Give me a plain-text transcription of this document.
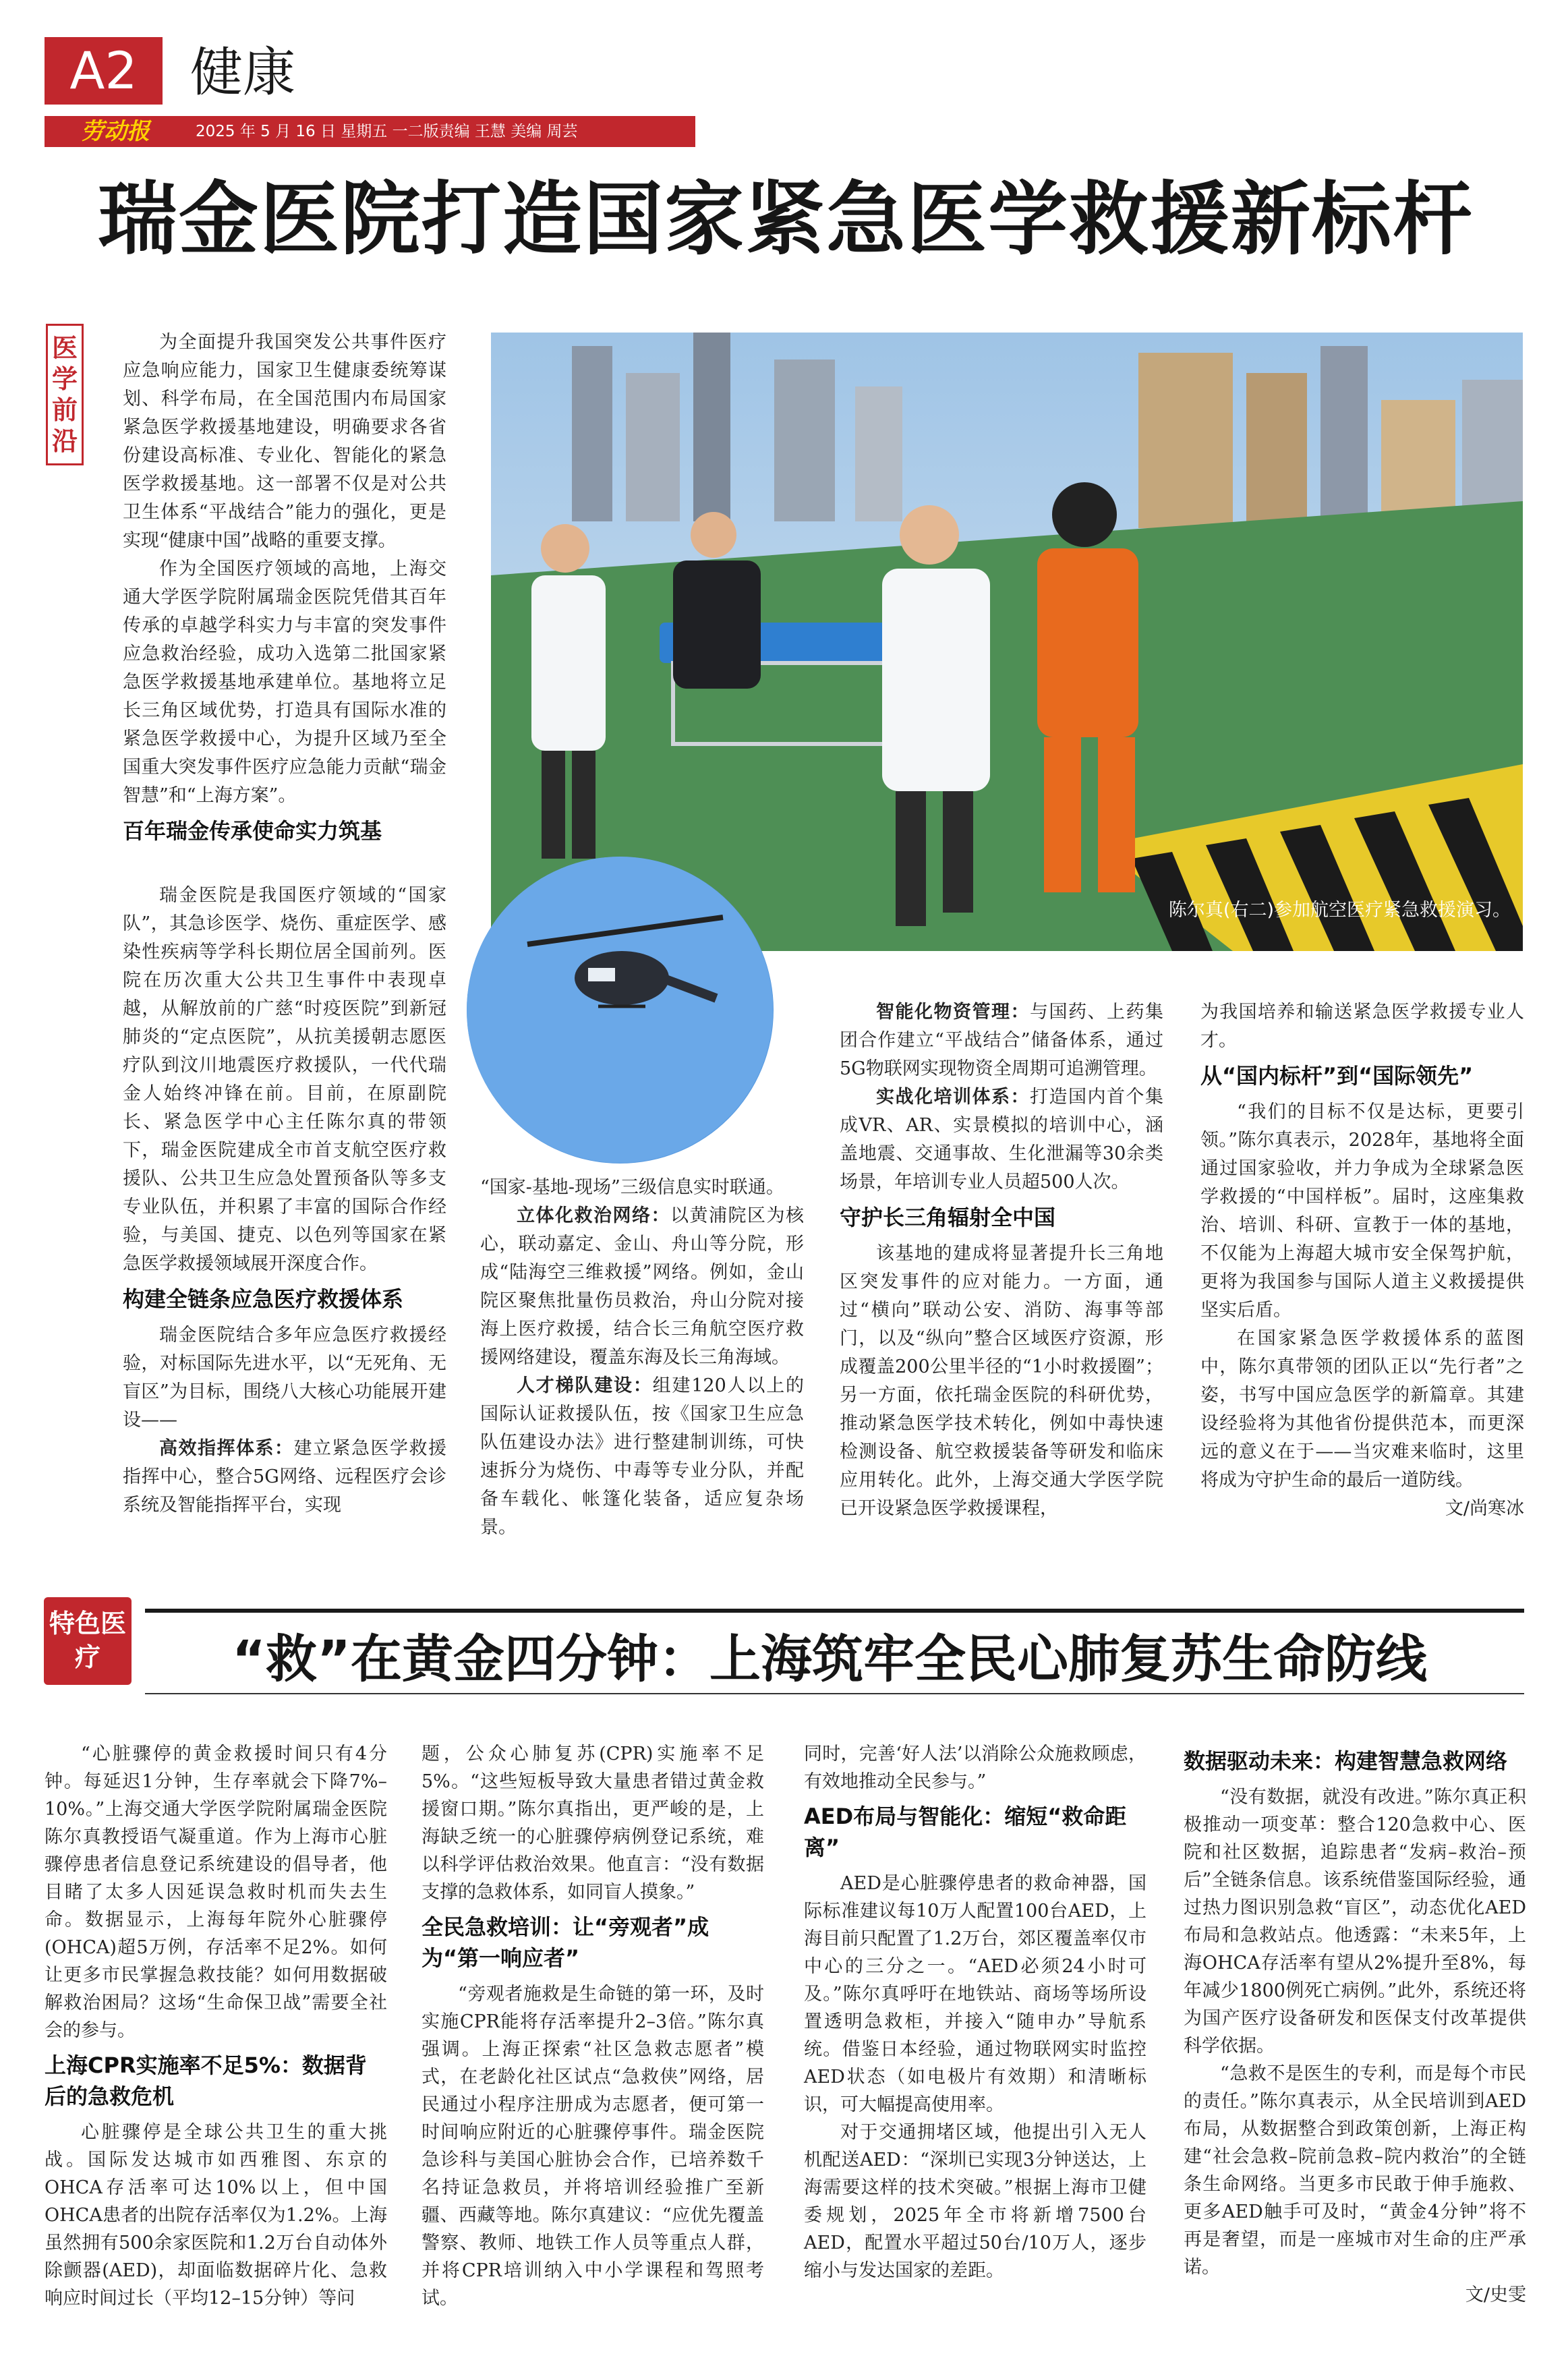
A2	健康
劳动报	2025 年 5 月 16 日 星期五 一二版责编 王慧 美编 周芸
瑞金医院打造国家紧急医学救援新标杆
医学前沿

为全面提升我国突发公共事件医疗应急响应能力，国家卫生健康委统筹谋划、科学布局，在全国范围内布局国家紧急医学救援基地建设，明确要求各省份建设高标准、专业化、智能化的紧急医学救援基地。这一部署不仅是对公共卫生体系“平战结合”能力的强化，更是实现“健康中国”战略的重要支撑。

作为全国医疗领域的高地，上海交通大学医学院附属瑞金医院凭借其百年传承的卓越学科实力与丰富的突发事件应急救治经验，成功入选第二批国家紧急医学救援基地承建单位。基地将立足长三角区域优势，打造具有国际水准的紧急医学救援中心，为提升区域乃至全国重大突发事件医疗应急能力贡献“瑞金智慧”和“上海方案”。

百年瑞金传承使命实力筑基

瑞金医院是我国医疗领域的“国家队”，其急诊医学、烧伤、重症医学、感染性疾病等学科长期位居全国前列。医院在历次重大公共卫生事件中表现卓越，从解放前的广慈“时疫医院”到新冠肺炎的“定点医院”，从抗美援朝志愿医疗队到汶川地震医疗救援队，一代代瑞金人始终冲锋在前。目前，在原副院长、紧急医学中心主任陈尔真的带领下，瑞金医院建成全市首支航空医疗救援队、公共卫生应急处置预备队等多支专业队伍，并积累了丰富的国际合作经验，与美国、捷克、以色列等国家在紧急医学救援领域展开深度合作。

构建全链条应急医疗救援体系

瑞金医院结合多年应急医疗救援经验，对标国际先进水平，以“无死角、无盲区”为目标，围绕八大核心功能展开建设——

高效指挥体系：建立紧急医学救援指挥中心，整合5G网络、远程医疗会诊系统及智能指挥平台，实现

陈尔真(右二)参加航空医疗紧急救援演习。

“国家-基地-现场”三级信息实时联通。

立体化救治网络：以黄浦院区为核心，联动嘉定、金山、舟山等分院，形成“陆海空三维救援”网络。例如，金山院区聚焦批量伤员救治，舟山分院对接海上医疗救援，结合长三角航空医疗救援网络建设，覆盖东海及长三角海域。

人才梯队建设：组建120人以上的国际认证救援队伍，按《国家卫生应急队伍建设办法》进行整建制训练，可快速拆分为烧伤、中毒等专业分队，并配备车载化、帐篷化装备，适应复杂场景。

智能化物资管理：与国药、上药集团合作建立“平战结合”储备体系，通过5G物联网实现物资全周期可追溯管理。

实战化培训体系：打造国内首个集成VR、AR、实景模拟的培训中心，涵盖地震、交通事故、生化泄漏等30余类场景，年培训专业人员超500人次。

守护长三角辐射全中国

该基地的建成将显著提升长三角地区突发事件的应对能力。一方面，通过“横向”联动公安、消防、海事等部门，以及“纵向”整合区域医疗资源，形成覆盖200公里半径的“1小时救援圈”；另一方面，依托瑞金医院的科研优势，推动紧急医学技术转化，例如中毒快速检测设备、航空救援装备等研发和临床应用转化。此外，上海交通大学医学院已开设紧急医学救援课程，

为我国培养和输送紧急医学救援专业人才。

从“国内标杆”到“国际领先”

“我们的目标不仅是达标，更要引领。”陈尔真表示，2028年，基地将全面通过国家验收，并力争成为全球紧急医学救援的“中国样板”。届时，这座集救治、培训、科研、宣教于一体的基地，不仅能为上海超大城市安全保驾护航，更将为我国参与国际人道主义救援提供坚实后盾。

在国家紧急医学救援体系的蓝图中，陈尔真带领的团队正以“先行者”之姿，书写中国应急医学的新篇章。其建设经验将为其他省份提供范本，而更深远的意义在于——当灾难来临时，这里将成为守护生命的最后一道防线。

文/尚寒冰
特色医疗	“救”在黄金四分钟：上海筑牢全民心肺复苏生命防线

“心脏骤停的黄金救援时间只有4分钟。每延迟1分钟，生存率就会下降7%–10%。”上海交通大学医学院附属瑞金医院陈尔真教授语气凝重道。作为上海市心脏骤停患者信息登记系统建设的倡导者，他目睹了太多人因延误急救时机而失去生命。数据显示，上海每年院外心脏骤停(OHCA)超5万例，存活率不足2%。如何让更多市民掌握急救技能？如何用数据破解救治困局？这场“生命保卫战”需要全社会的参与。

上海CPR实施率不足5%：数据背后的急救危机

心脏骤停是全球公共卫生的重大挑战。国际发达城市如西雅图、东京的OHCA存活率可达10%以上，但中国OHCA患者的出院存活率仅为1.2%。上海虽然拥有500余家医院和1.2万台自动体外除颤器(AED)，却面临数据碎片化、急救响应时间过长（平均12–15分钟）等问

题，公众心肺复苏(CPR)实施率不足5%。“这些短板导致大量患者错过黄金救援窗口期。”陈尔真指出，更严峻的是，上海缺乏统一的心脏骤停病例登记系统，难以科学评估救治效果。他直言：“没有数据支撑的急救体系，如同盲人摸象。”

全民急救培训：让“旁观者”成为“第一响应者”

“旁观者施救是生命链的第一环，及时实施CPR能将存活率提升2–3倍。”陈尔真强调。上海正探索“社区急救志愿者”模式，在老龄化社区试点“急救侠”网络，居民通过小程序注册成为志愿者，便可第一时间响应附近的心脏骤停事件。瑞金医院急诊科与美国心脏协会合作，已培养数千名持证急救员，并将培训经验推广至新疆、西藏等地。陈尔真建议：“应优先覆盖警察、教师、地铁工作人员等重点人群，并将CPR培训纳入中小学课程和驾照考试。

同时，完善‘好人法’以消除公众施救顾虑，有效地推动全民参与。”

AED布局与智能化：缩短“救命距离”

AED是心脏骤停患者的救命神器，国际标准建议每10万人配置100台AED，上海目前只配置了1.2万台，郊区覆盖率仅市中心的三分之一。“AED必须24小时可及。”陈尔真呼吁在地铁站、商场等场所设置透明急救柜，并接入“随申办”导航系统。借鉴日本经验，通过物联网实时监控AED状态（如电极片有效期）和清晰标识，可大幅提高使用率。

对于交通拥堵区域，他提出引入无人机配送AED：“深圳已实现3分钟送达，上海需要这样的技术突破。”根据上海市卫健委规划，2025年全市将新增7500台AED，配置水平超过50台/10万人，逐步缩小与发达国家的差距。

数据驱动未来：构建智慧急救网络

“没有数据，就没有改进。”陈尔真正积极推动一项变革：整合120急救中心、医院和社区数据，追踪患者“发病–救治–预后”全链条信息。该系统借鉴国际经验，通过热力图识别急救“盲区”，动态优化AED布局和急救站点。他透露：“未来5年，上海OHCA存活率有望从2%提升至8%，每年减少1800例死亡病例。”此外，系统还将为国产医疗设备研发和医保支付改革提供科学依据。

“急救不是医生的专利，而是每个市民的责任。”陈尔真表示，从全民培训到AED布局，从数据整合到政策创新，上海正构建“社会急救–院前急救–院内救治”的全链条生命网络。当更多市民敢于伸手施救、更多AED触手可及时，“黄金4分钟”将不再是奢望，而是一座城市对生命的庄严承诺。

文/史雯
